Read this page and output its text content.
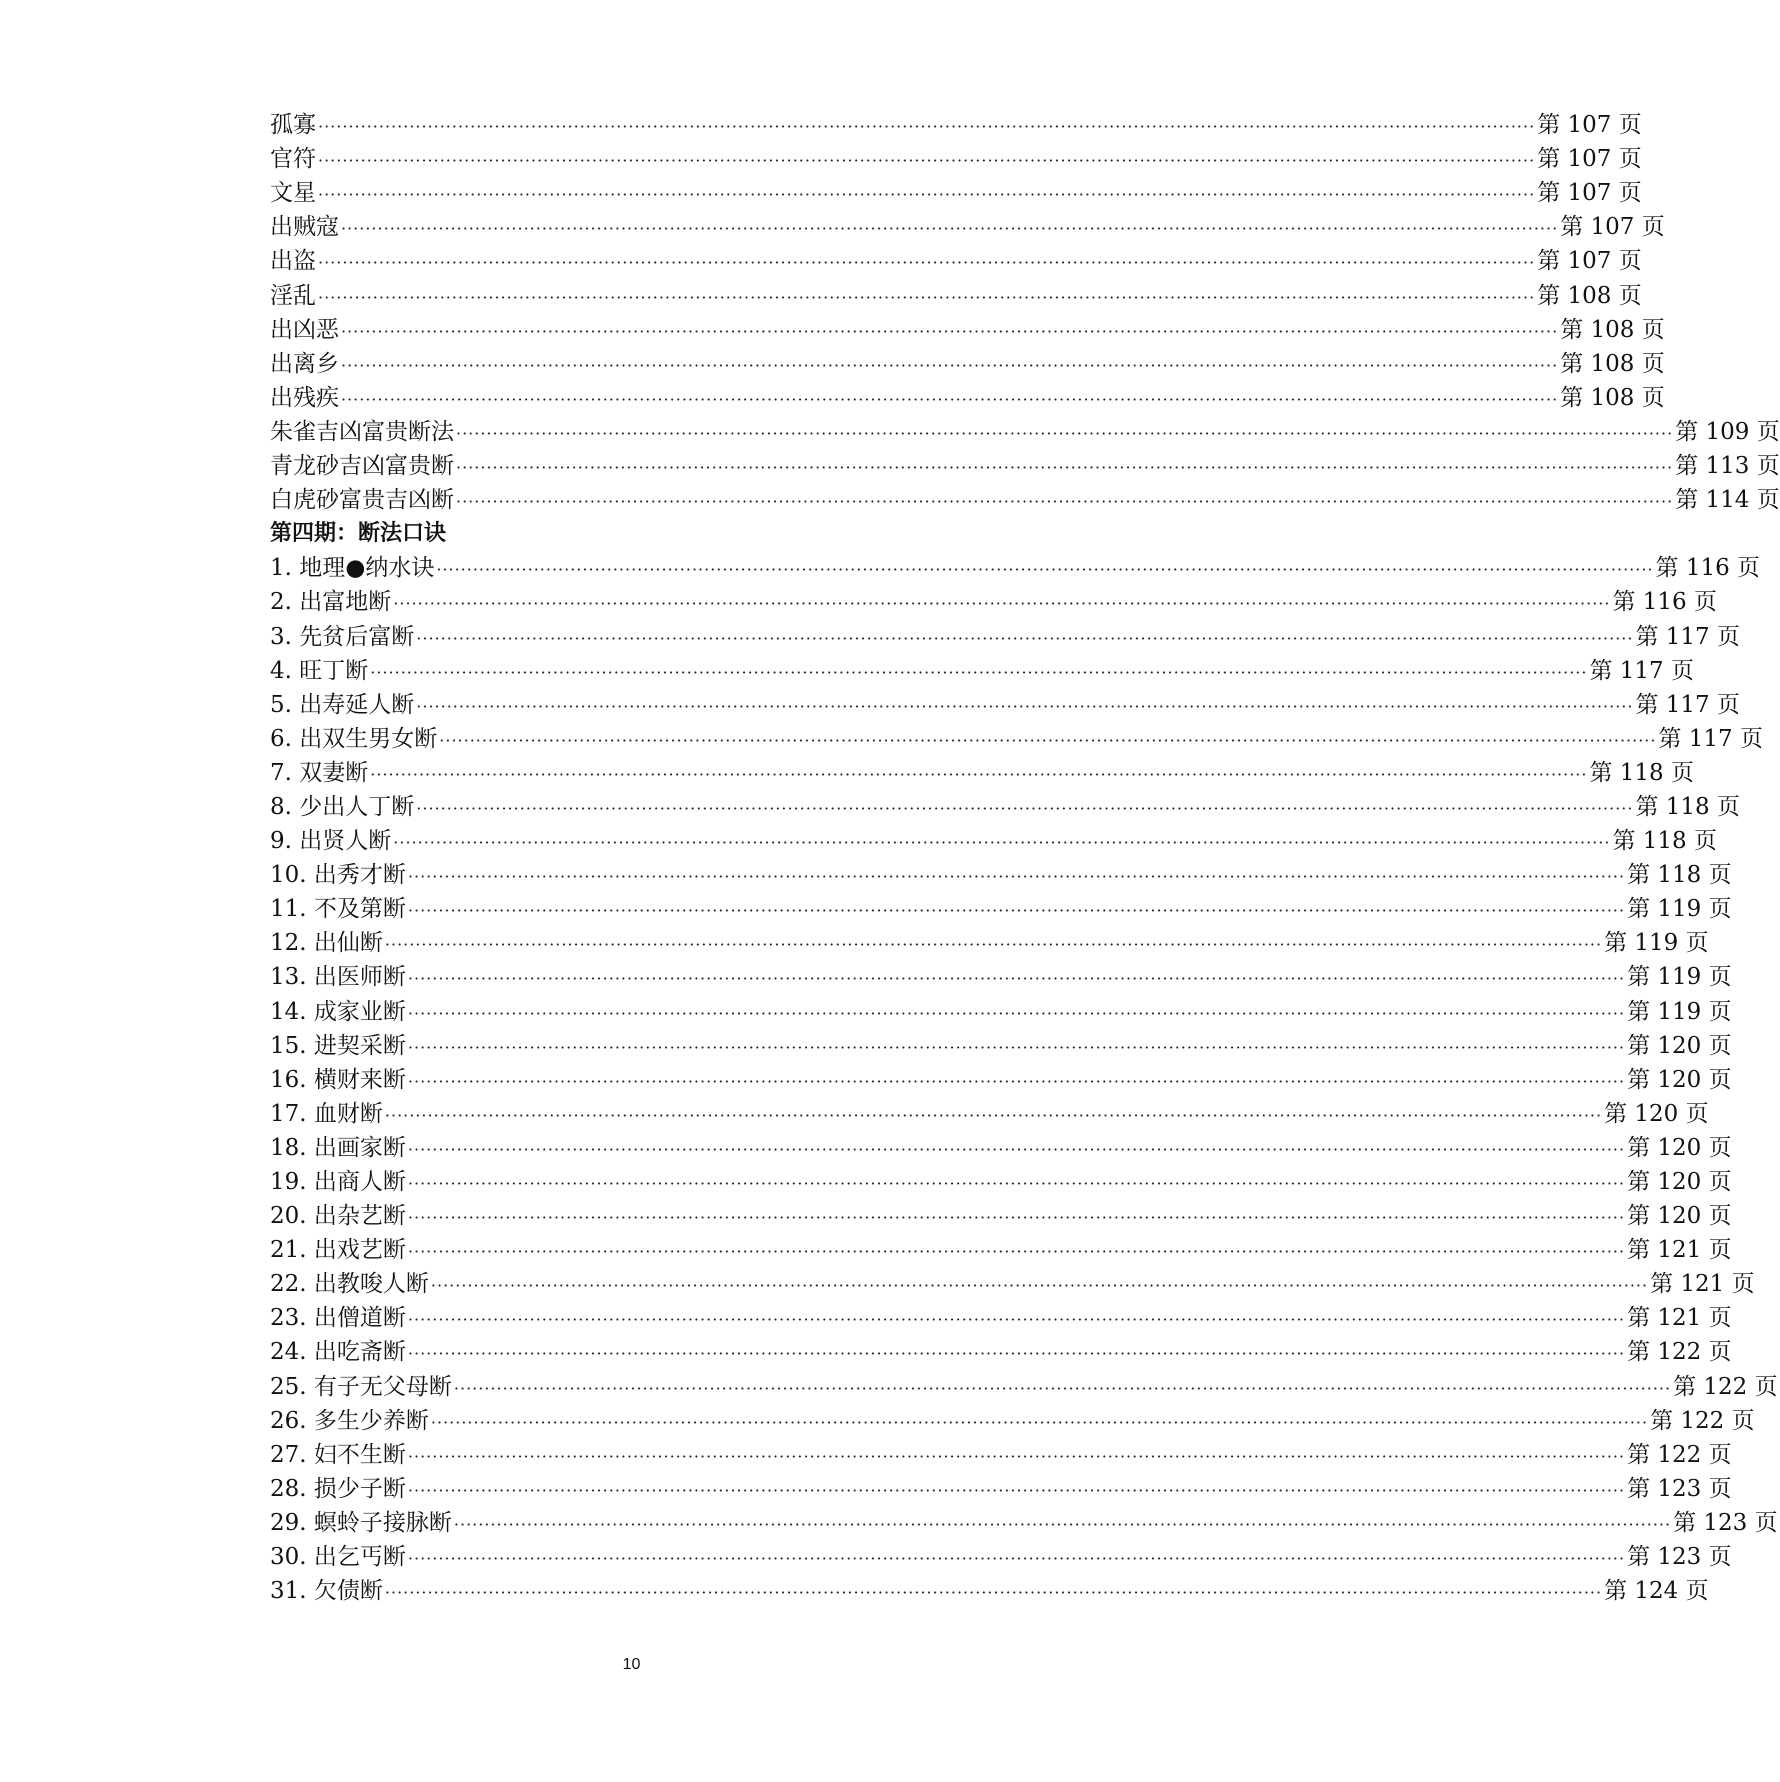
孤寡 ········································································································································································································ 第 107 页
官符 ········································································································································································································ 第 107 页
文星 ········································································································································································································ 第 107 页
出贼寇 ········································································································································································································ 第 107 页
出盗 ········································································································································································································ 第 107 页
淫乱 ········································································································································································································ 第 108 页
出凶恶 ········································································································································································································ 第 108 页
出离乡 ········································································································································································································ 第 108 页
出残疾 ········································································································································································································ 第 108 页
朱雀吉凶富贵断法 ········································································································································································································ 第 109 页
青龙砂吉凶富贵断 ········································································································································································································ 第 113 页
白虎砂富贵吉凶断 ········································································································································································································ 第 114 页
第四期：断法口诀
1. 地理●纳水诀 ········································································································································································································ 第 116 页
2. 出富地断 ········································································································································································································ 第 116 页
3. 先贫后富断 ········································································································································································································ 第 117 页
4. 旺丁断 ········································································································································································································ 第 117 页
5. 出寿延人断 ········································································································································································································ 第 117 页
6. 出双生男女断 ········································································································································································································ 第 117 页
7. 双妻断 ········································································································································································································ 第 118 页
8. 少出人丁断 ········································································································································································································ 第 118 页
9. 出贤人断 ········································································································································································································ 第 118 页
10. 出秀才断 ········································································································································································································ 第 118 页
11. 不及第断 ········································································································································································································ 第 119 页
12. 出仙断 ········································································································································································································ 第 119 页
13. 出医师断 ········································································································································································································ 第 119 页
14. 成家业断 ········································································································································································································ 第 119 页
15. 进契采断 ········································································································································································································ 第 120 页
16. 横财来断 ········································································································································································································ 第 120 页
17. 血财断 ········································································································································································································ 第 120 页
18. 出画家断 ········································································································································································································ 第 120 页
19. 出商人断 ········································································································································································································ 第 120 页
20. 出杂艺断 ········································································································································································································ 第 120 页
21. 出戏艺断 ········································································································································································································ 第 121 页
22. 出教唆人断 ········································································································································································································ 第 121 页
23. 出僧道断 ········································································································································································································ 第 121 页
24. 出吃斋断 ········································································································································································································ 第 122 页
25. 有子无父母断 ········································································································································································································ 第 122 页
26. 多生少养断 ········································································································································································································ 第 122 页
27. 妇不生断 ········································································································································································································ 第 122 页
28. 损少子断 ········································································································································································································ 第 123 页
29. 螟蛉子接脉断 ········································································································································································································ 第 123 页
30. 出乞丐断 ········································································································································································································ 第 123 页
31. 欠债断 ········································································································································································································ 第 124 页
10
